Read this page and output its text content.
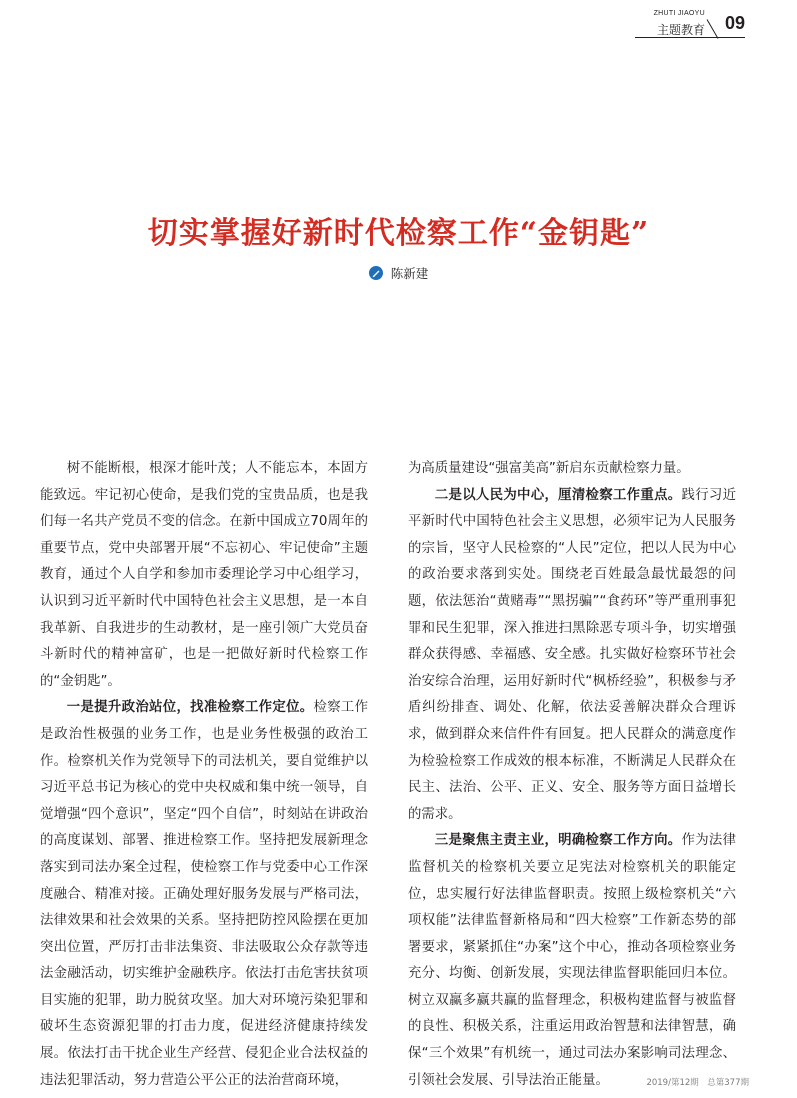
ZHUTI JIAOYU
主题教育 09
切实掌握好新时代检察工作“金钥匙”
陈新建

树不能断根，根深才能叶茂；人不能忘本，本固方能致远。牢记初心使命，是我们党的宝贵品质，也是我们每一名共产党员不变的信念。在新中国成立70周年的重要节点，党中央部署开展“不忘初心、牢记使命”主题教育，通过个人自学和参加市委理论学习中心组学习，认识到习近平新时代中国特色社会主义思想，是一本自我革新、自我进步的生动教材，是一座引领广大党员奋斗新时代的精神富矿，也是一把做好新时代检察工作的“金钥匙”。

一是提升政治站位，找准检察工作定位。检察工作是政治性极强的业务工作，也是业务性极强的政治工作。检察机关作为党领导下的司法机关，要自觉维护以习近平总书记为核心的党中央权威和集中统一领导，自觉增强“四个意识”，坚定“四个自信”，时刻站在讲政治的高度谋划、部署、推进检察工作。坚持把发展新理念落实到司法办案全过程，使检察工作与党委中心工作深度融合、精准对接。正确处理好服务发展与严格司法，法律效果和社会效果的关系。坚持把防控风险摆在更加突出位置，严厉打击非法集资、非法吸取公众存款等违法金融活动，切实维护金融秩序。依法打击危害扶贫项目实施的犯罪，助力脱贫攻坚。加大对环境污染犯罪和破坏生态资源犯罪的打击力度，促进经济健康持续发展。依法打击干扰企业生产经营、侵犯企业合法权益的违法犯罪活动，努力营造公平公正的法治营商环境，

为高质量建设“强富美高”新启东贡献检察力量。

二是以人民为中心，厘清检察工作重点。践行习近平新时代中国特色社会主义思想，必须牢记为人民服务的宗旨，坚守人民检察的“人民”定位，把以人民为中心的政治要求落到实处。围绕老百姓最急最忧最怨的问题，依法惩治“黄赌毒”“黑拐骗”“食药环”等严重刑事犯罪和民生犯罪，深入推进扫黑除恶专项斗争，切实增强群众获得感、幸福感、安全感。扎实做好检察环节社会治安综合治理，运用好新时代“枫桥经验”，积极参与矛盾纠纷排查、调处、化解，依法妥善解决群众合理诉求，做到群众来信件件有回复。把人民群众的满意度作为检验检察工作成效的根本标准，不断满足人民群众在民主、法治、公平、正义、安全、服务等方面日益增长的需求。

三是聚焦主责主业，明确检察工作方向。作为法律监督机关的检察机关要立足宪法对检察机关的职能定位，忠实履行好法律监督职责。按照上级检察机关“六项权能”法律监督新格局和“四大检察”工作新态势的部署要求，紧紧抓住“办案”这个中心，推动各项检察业务充分、均衡、创新发展，实现法律监督职能回归本位。树立双赢多赢共赢的监督理念，积极构建监督与被监督的良性、积极关系，注重运用政治智慧和法律智慧，确保“三个效果”有机统一，通过司法办案影响司法理念、引领社会发展、引导法治正能量。	2019/第12期　总第377期
